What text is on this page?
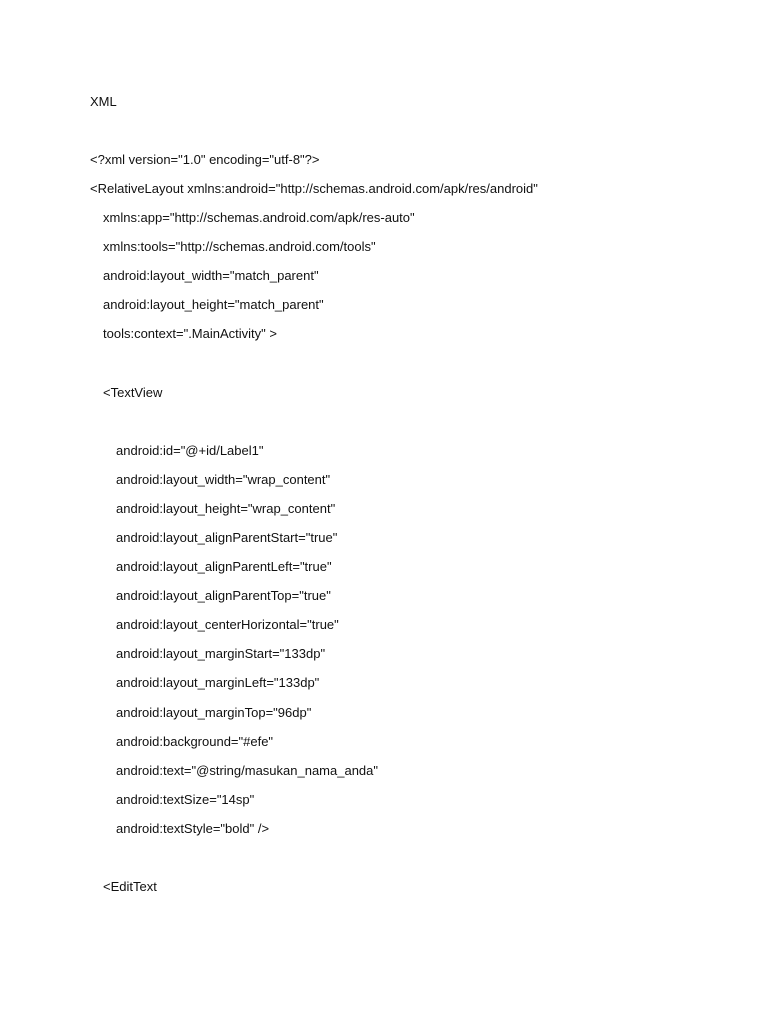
XML
<?xml version="1.0" encoding="utf-8"?>
<RelativeLayout xmlns:android="http://schemas.android.com/apk/res/android"
xmlns:app="http://schemas.android.com/apk/res-auto"
xmlns:tools="http://schemas.android.com/tools"
android:layout_width="match_parent"
android:layout_height="match_parent"
tools:context=".MainActivity" >
<TextView
android:id="@+id/Label1"
android:layout_width="wrap_content"
android:layout_height="wrap_content"
android:layout_alignParentStart="true"
android:layout_alignParentLeft="true"
android:layout_alignParentTop="true"
android:layout_centerHorizontal="true"
android:layout_marginStart="133dp"
android:layout_marginLeft="133dp"
android:layout_marginTop="96dp"
android:background="#efe"
android:text="@string/masukan_nama_anda"
android:textSize="14sp"
android:textStyle="bold" />
<EditText
